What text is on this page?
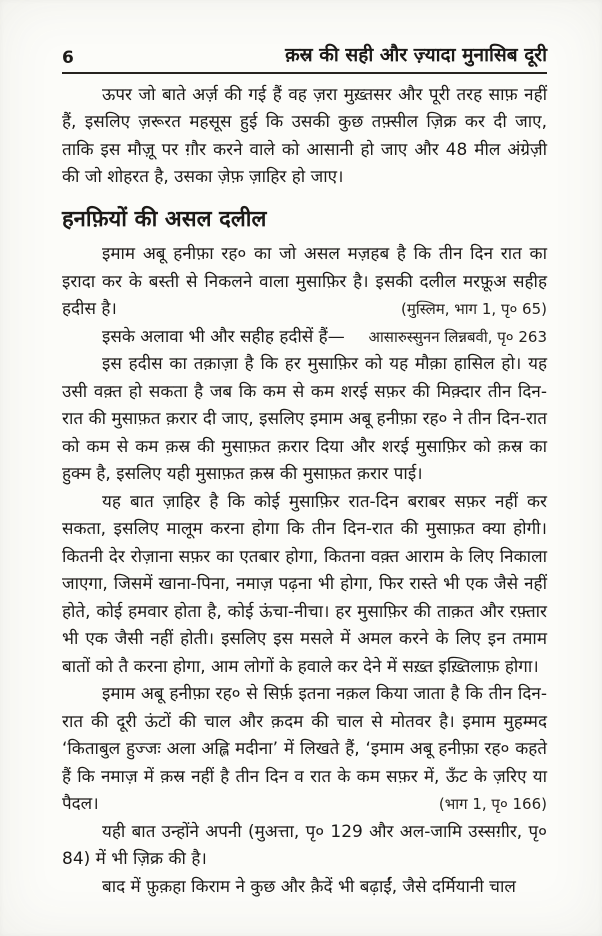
6	क़स्र की सही और ज़्यादा मुनासिब दूरी

ऊपर जो बाते अर्ज़ की गई हैं वह ज़रा मुख़्तसर और पूरी तरह साफ़ नहीं हैं, इसलिए ज़रूरत महसूस हुई कि उसकी कुछ तफ़्सील ज़िक्र कर दी जाए, ताकि इस मौज़ू पर ग़ौर करने वाले को आसानी हो जाए और 48 मील अंग्रेज़ी की जो शोहरत है, उसका ज़ेफ़ ज़ाहिर हो जाए।

हनफ़ियों की असल दलील

इमाम अबू हनीफ़ा रह० का जो असल मज़हब है कि तीन दिन रात का इरादा कर के बस्ती से निकलने वाला मुसाफ़िर है। इसकी दलील मरफ़ूअ सहीह हदीस है।	(मुस्लिम, भाग 1, पृ० 65)

इसके अलावा भी और सहीह हदीसें हैं— आसारुस्सुनन लिन्नबवी, पृ० 263

इस हदीस का तक़ाज़ा है कि हर मुसाफ़िर को यह मौक़ा हासिल हो। यह उसी वक़्त हो सकता है जब कि कम से कम शरई सफ़र की मिक़्दार तीन दिन-रात की मुसाफ़त क़रार दी जाए, इसलिए इमाम अबू हनीफ़ा रह० ने तीन दिन-रात को कम से कम क़स्र की मुसाफ़त क़रार दिया और शरई मुसाफ़िर को क़स्र का हुक्म है, इसलिए यही मुसाफ़त क़स्र की मुसाफ़त क़रार पाई।

यह बात ज़ाहिर है कि कोई मुसाफ़िर रात-दिन बराबर सफ़र नहीं कर सकता, इसलिए मालूम करना होगा कि तीन दिन-रात की मुसाफ़त क्या होगी। कितनी देर रोज़ाना सफ़र का एतबार होगा, कितना वक़्त आराम के लिए निकाला जाएगा, जिसमें खाना-पिना, नमाज़ पढ़ना भी होगा, फिर रास्ते भी एक जैसे नहीं होते, कोई हमवार होता है, कोई ऊंचा-नीचा। हर मुसाफ़िर की ताक़त और रफ़्तार भी एक जैसी नहीं होती। इसलिए इस मसले में अमल करने के लिए इन तमाम बातों को तै करना होगा, आम लोगों के हवाले कर देने में सख़्त इख़्तिलाफ़ होगा।

इमाम अबू हनीफ़ा रह० से सिर्फ़ इतना नक़ल किया जाता है कि तीन दिन-रात की दूरी ऊंटों की चाल और क़दम की चाल से मोतवर है। इमाम मुहम्मद ‘किताबुल हुज्जः अला अह्लि मदीना’ में लिखते हैं, ‘इमाम अबू हनीफ़ा रह० कहते हैं कि नमाज़ में क़स्र नहीं है तीन दिन व रात के कम सफ़र में, ऊँट के ज़रिए या पैदल।	(भाग 1, पृ० 166)

यही बात उन्होंने अपनी (मुअत्ता, पृ० 129 और अल-जामि उस्सग़ीर, पृ० 84) में भी ज़िक्र की है।

बाद में फ़ुक़हा किराम ने कुछ और क़ैदें भी बढ़ाईं, जैसे दर्मियानी चाल
